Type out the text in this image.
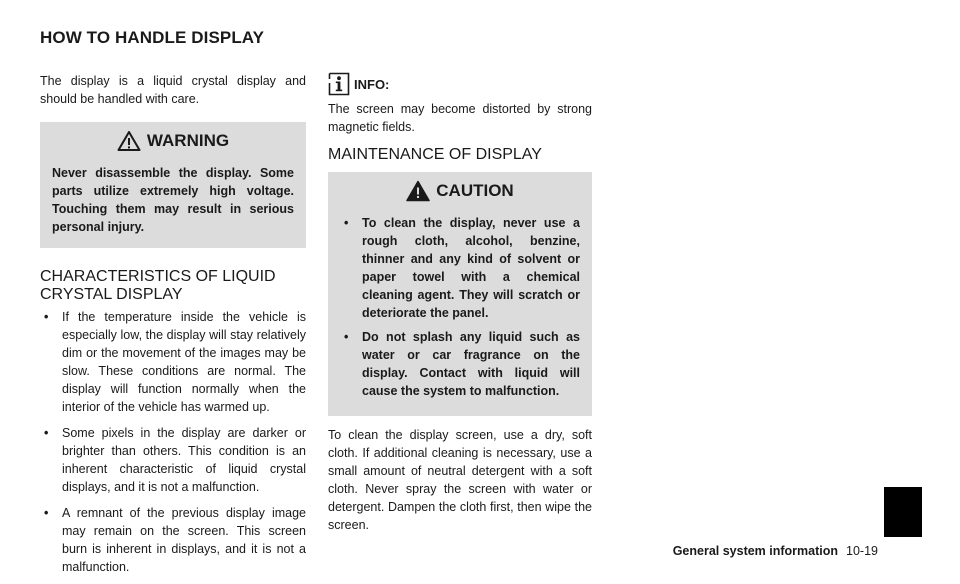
HOW TO HANDLE DISPLAY

The display is a liquid crystal display and should be handled with care.

WARNING
Never disassemble the display. Some parts utilize extremely high voltage. Touching them may result in serious personal injury.
CHARACTERISTICS OF LIQUID CRYSTAL DISPLAY
• If the temperature inside the vehicle is especially low, the display will stay relatively dim or the movement of the images may be slow. These conditions are normal. The display will function normally when the interior of the vehicle has warmed up.
• Some pixels in the display are darker or brighter than others. This condition is an inherent characteristic of liquid crystal displays, and it is not a malfunction.
• A remnant of the previous display image may remain on the screen. This screen burn is inherent in displays, and it is not a malfunction.
INFO:

The screen may become distorted by strong magnetic fields.

MAINTENANCE OF DISPLAY
CAUTION
• To clean the display, never use a rough cloth, alcohol, benzine, thinner and any kind of solvent or paper towel with a chemical cleaning agent. They will scratch or deteriorate the panel.
• Do not splash any liquid such as water or car fragrance on the display. Contact with liquid will cause the system to malfunction.

To clean the display screen, use a dry, soft cloth. If additional cleaning is necessary, use a small amount of neutral detergent with a soft cloth. Never spray the screen with water or detergent. Dampen the cloth first, then wipe the screen.

General system information 10-19
